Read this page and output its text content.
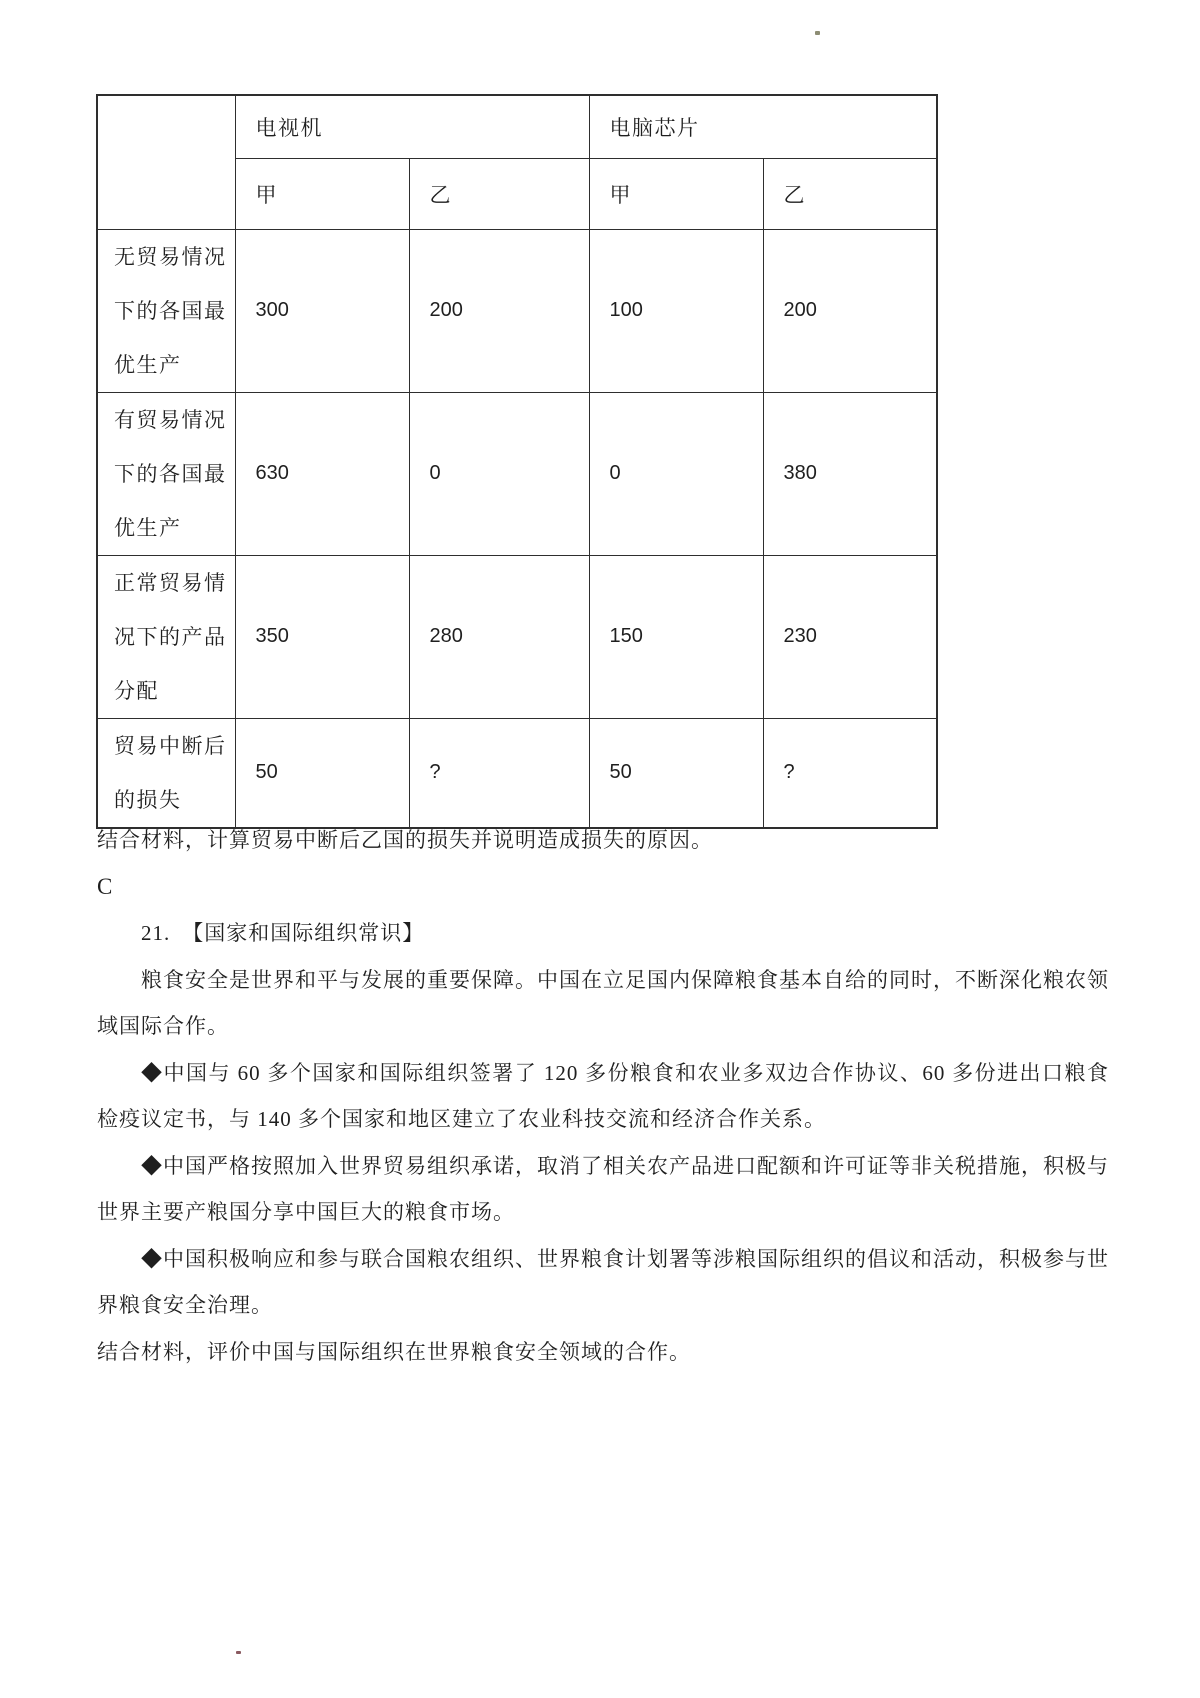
	电视机		电脑芯片	
	甲	乙	甲	乙
无贸易情况下的各国最优生产	300	200	100	200
有贸易情况下的各国最优生产	630	0	0	380
正常贸易情况下的产品分配	350	280	150	230
贸易中断后的损失	50	?	50	?

结合材料，计算贸易中断后乙国的损失并说明造成损失的原因。

C

21. 【国家和国际组织常识】

粮食安全是世界和平与发展的重要保障。中国在立足国内保障粮食基本自给的同时，不断深化粮农领域国际合作。

◆中国与 60 多个国家和国际组织签署了 120 多份粮食和农业多双边合作协议、60 多份进出口粮食检疫议定书，与 140 多个国家和地区建立了农业科技交流和经济合作关系。

◆中国严格按照加入世界贸易组织承诺，取消了相关农产品进口配额和许可证等非关税措施，积极与世界主要产粮国分享中国巨大的粮食市场。

◆中国积极响应和参与联合国粮农组织、世界粮食计划署等涉粮国际组织的倡议和活动，积极参与世界粮食安全治理。

结合材料，评价中国与国际组织在世界粮食安全领域的合作。
